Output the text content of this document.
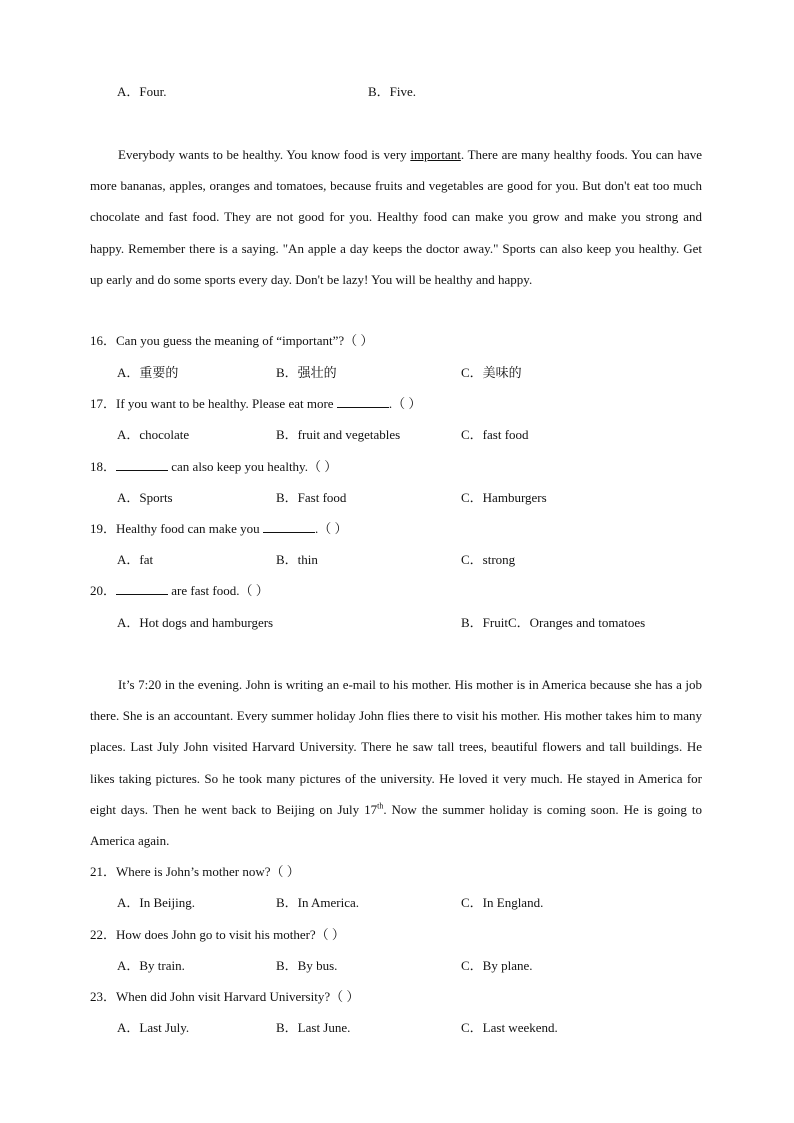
A．Four.	B．Five.

Everybody wants to be healthy. You know food is very important. There are many healthy foods. You can have more bananas, apples, oranges and tomatoes, because fruits and vegetables are good for you. But don't eat too much chocolate and fast food. They are not good for you. Healthy food can make you grow and make you strong and happy. Remember there is a saying. "An apple a day keeps the doctor away." Sports can also keep you healthy. Get up early and do some sports every day. Don't be lazy! You will be healthy and happy.

16．Can you guess the meaning of “important”?（ ）
A．重要的	B．强壮的	C．美味的
17．If you want to be healthy. Please eat more	.（ ）
A．chocolate	B．fruit and vegetables	C．fast food
18．	can also keep you healthy.（ ）
A．Sports	B．Fast food	C．Hamburgers
19．Healthy food can make you	.（ ）
A．fat	B．thin	C．strong
20．	are fast food.（ ）
A．Hot dogs and hamburgers	B．FruitC．Oranges and tomatoes

It’s 7:20 in the evening. John is writing an e-mail to his mother. His mother is in America because she has a job there. She is an accountant. Every summer holiday John flies there to visit his mother. His mother takes him to many places. Last July John visited Harvard University. There he saw tall trees, beautiful flowers and tall buildings. He likes taking pictures. So he took many pictures of the university. He loved it very much. He stayed in America for eight days. Then he went back to Beijing on July 17th. Now the summer holiday is coming soon. He is going to America again.

21．Where is John’s mother now?（ ）
A．In Beijing.	B．In America.	C．In England.
22．How does John go to visit his mother?（ ）
A．By train.	B．By bus.	C．By plane.
23．When did John visit Harvard University?（ ）
A．Last July.	B．Last June.	C．Last weekend.
